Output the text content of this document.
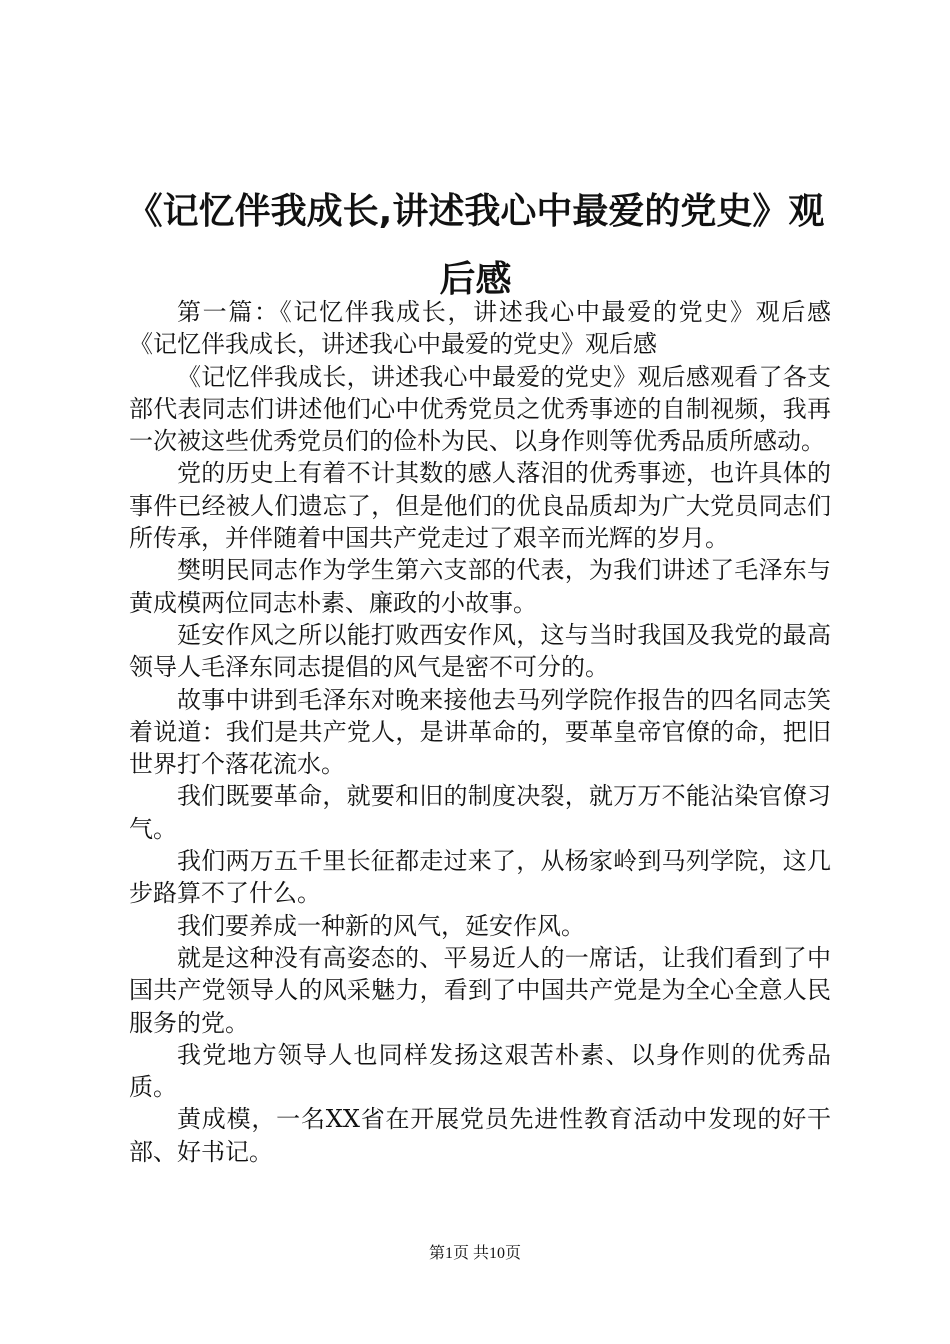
《记忆伴我成长,讲述我心中最爱的党史》观后感

第一篇：《记忆伴我成长，讲述我心中最爱的党史》观后感《记忆伴我成长，讲述我心中最爱的党史》观后感

《记忆伴我成长，讲述我心中最爱的党史》观后感观看了各支部代表同志们讲述他们心中优秀党员之优秀事迹的自制视频，我再一次被这些优秀党员们的俭朴为民、以身作则等优秀品质所感动。

党的历史上有着不计其数的感人落泪的优秀事迹，也许具体的事件已经被人们遗忘了，但是他们的优良品质却为广大党员同志们所传承，并伴随着中国共产党走过了艰辛而光辉的岁月。

樊明民同志作为学生第六支部的代表，为我们讲述了毛泽东与黄成模两位同志朴素、廉政的小故事。

延安作风之所以能打败西安作风，这与当时我国及我党的最高领导人毛泽东同志提倡的风气是密不可分的。

故事中讲到毛泽东对晚来接他去马列学院作报告的四名同志笑着说道：我们是共产党人，是讲革命的，要革皇帝官僚的命，把旧世界打个落花流水。

我们既要革命，就要和旧的制度决裂，就万万不能沾染官僚习气。

我们两万五千里长征都走过来了，从杨家岭到马列学院，这几步路算不了什么。

我们要养成一种新的风气，延安作风。

就是这种没有高姿态的、平易近人的一席话，让我们看到了中国共产党领导人的风采魅力，看到了中国共产党是为全心全意人民服务的党。

我党地方领导人也同样发扬这艰苦朴素、以身作则的优秀品质。

黄成模，一名XX省在开展党员先进性教育活动中发现的好干部、好书记。

第1页 共10页
